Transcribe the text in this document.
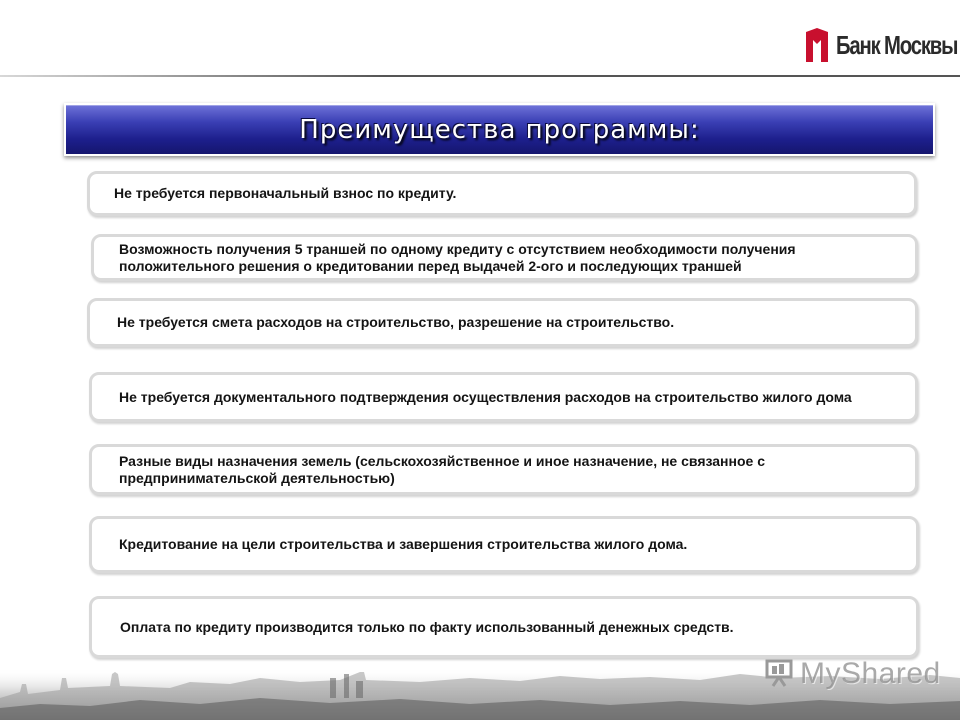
Банк Москвы
Преимущества программы:
Не требуется первоначальный взнос по кредиту.
Возможность получения 5 траншей по одному кредиту с отсутствием необходимости получения положительного решения о кредитовании перед выдачей 2-ого и последующих траншей
Не требуется смета расходов на строительство, разрешение на строительство.
Не требуется документального подтверждения осуществления расходов на строительство жилого дома
Разные виды назначения земель (сельскохозяйственное и иное назначение, не связанное с предпринимательской деятельностью)
Кредитование на цели строительства и завершения строительства жилого дома.
Оплата по кредиту производится только по факту использованный денежных средств.
MyShared
